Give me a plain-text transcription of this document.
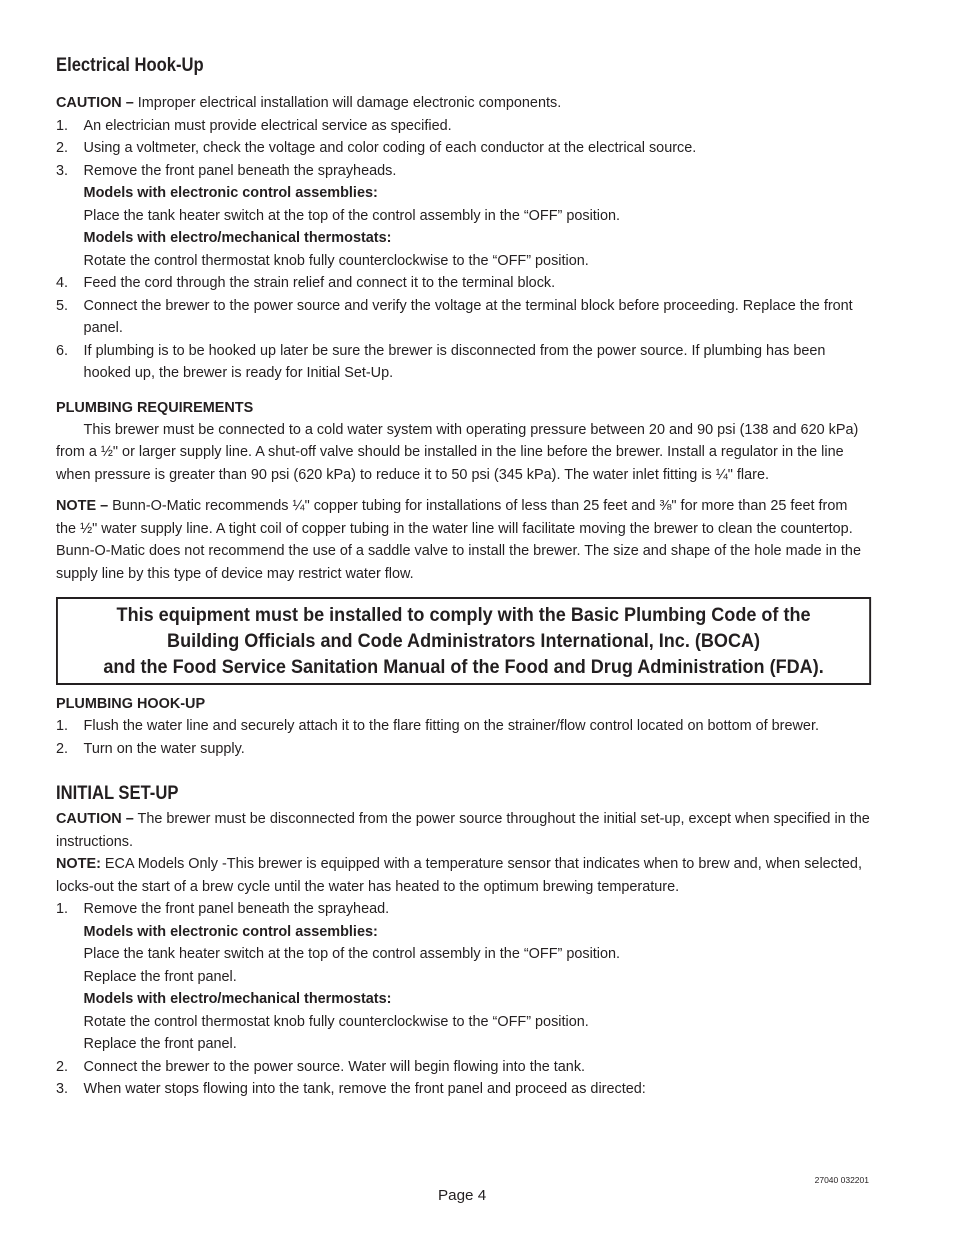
Electrical Hook-Up

CAUTION – Improper electrical installation will damage electronic components.

1. An electrician must provide electrical service as specified.
2. Using a voltmeter, check the voltage and color coding of each conductor at the electrical source.
3. Remove the front panel beneath the sprayheads.
Models with electronic control assemblies:
Place the tank heater switch at the top of the control assembly in the “OFF” position.
Models with electro/mechanical thermostats:
Rotate the control thermostat knob fully counterclockwise to the “OFF” position.
4. Feed the cord through the strain relief and connect it to the terminal block.
5. Connect the brewer to the power source and verify the voltage at the terminal block before proceeding. Replace the front panel.
6. If plumbing is to be hooked up later be sure the brewer is disconnected from the power source. If plumbing has been hooked up, the brewer is ready for Initial Set-Up.
PLUMBING REQUIREMENTS

This brewer must be connected to a cold water system with operating pressure between 20 and 90 psi (138 and 620 kPa) from a ½" or larger supply line. A shut-off valve should be installed in the line before the brewer. Install a regulator in the line when pressure is greater than 90 psi (620 kPa) to reduce it to 50 psi (345 kPa). The water inlet fitting is ¼" flare.

NOTE – Bunn-O-Matic recommends ¼" copper tubing for installations of less than 25 feet and ⅜" for more than 25 feet from the ½" water supply line. A tight coil of copper tubing in the water line will facilitate moving the brewer to clean the countertop. Bunn-O-Matic does not recommend the use of a saddle valve to install the brewer. The size and shape of the hole made in the supply line by this type of device may restrict water flow.

This equipment must be installed to comply with the Basic Plumbing Code of the
Building Officials and Code Administrators International, Inc. (BOCA)
and the Food Service Sanitation Manual of the Food and Drug Administration (FDA).
PLUMBING HOOK-UP
1. Flush the water line and securely attach it to the flare fitting on the strainer/flow control located on bottom of brewer.
2. Turn on the water supply.
INITIAL SET-UP

CAUTION – The brewer must be disconnected from the power source throughout the initial set-up, except when specified in the instructions.

NOTE: ECA Models Only -This brewer is equipped with a temperature sensor that indicates when to brew and, when selected, locks-out the start of a brew cycle until the water has heated to the optimum brewing temperature.

1. Remove the front panel beneath the sprayhead.
Models with electronic control assemblies:
Place the tank heater switch at the top of the control assembly in the “OFF” position.
Replace the front panel.
Models with electro/mechanical thermostats:
Rotate the control thermostat knob fully counterclockwise to the “OFF” position.
Replace the front panel.
2. Connect the brewer to the power source. Water will begin flowing into the tank.
3. When water stops flowing into the tank, remove the front panel and proceed as directed:
27040 032201
Page 4
